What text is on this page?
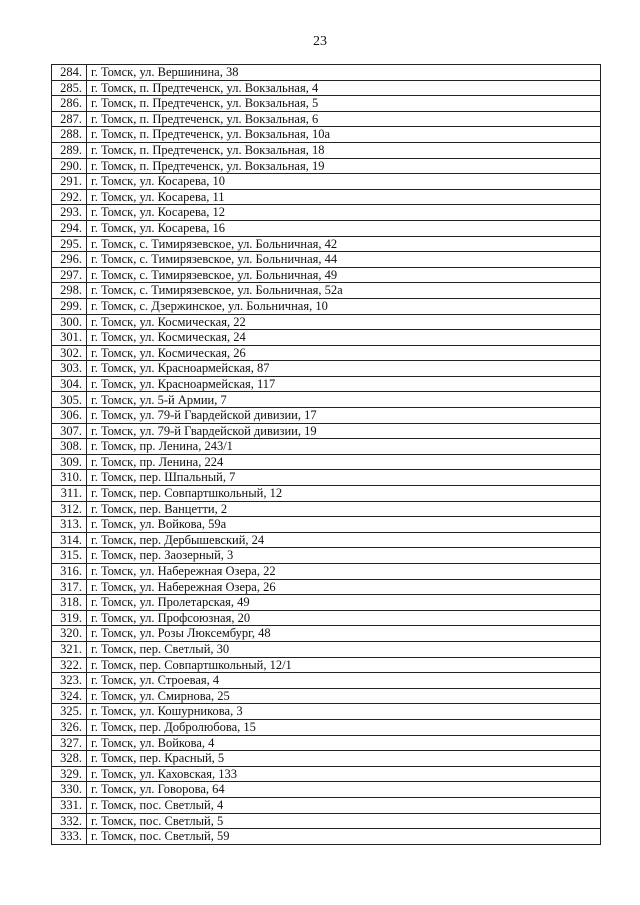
23
284.	г. Томск, ул. Вершинина, 38
285.	г. Томск, п. Предтеченск, ул. Вокзальная, 4
286.	г. Томск, п. Предтеченск, ул. Вокзальная, 5
287.	г. Томск, п. Предтеченск, ул. Вокзальная, 6
288.	г. Томск, п. Предтеченск, ул. Вокзальная, 10а
289.	г. Томск, п. Предтеченск, ул. Вокзальная, 18
290.	г. Томск, п. Предтеченск, ул. Вокзальная, 19
291.	г. Томск, ул. Косарева, 10
292.	г. Томск, ул. Косарева, 11
293.	г. Томск, ул. Косарева, 12
294.	г. Томск, ул. Косарева, 16
295.	г. Томск, с. Тимирязевское, ул. Больничная, 42
296.	г. Томск, с. Тимирязевское, ул. Больничная, 44
297.	г. Томск, с. Тимирязевское, ул. Больничная, 49
298.	г. Томск, с. Тимирязевское, ул. Больничная, 52а
299.	г. Томск, с. Дзержинское, ул. Больничная, 10
300.	г. Томск, ул. Космическая, 22
301.	г. Томск, ул. Космическая, 24
302.	г. Томск, ул. Космическая, 26
303.	г. Томск, ул. Красноармейская, 87
304.	г. Томск, ул. Красноармейская, 117
305.	г. Томск, ул. 5-й Армии, 7
306.	г. Томск, ул. 79-й Гвардейской дивизии, 17
307.	г. Томск, ул. 79-й Гвардейской дивизии, 19
308.	г. Томск, пр. Ленина, 243/1
309.	г. Томск, пр. Ленина, 224
310.	г. Томск, пер. Шпальный, 7
311.	г. Томск, пер. Совпартшкольный, 12
312.	г. Томск, пер. Ванцетти, 2
313.	г. Томск, ул. Войкова, 59а
314.	г. Томск, пер. Дербышевский, 24
315.	г. Томск, пер. Заозерный, 3
316.	г. Томск, ул. Набережная Озера, 22
317.	г. Томск, ул. Набережная Озера, 26
318.	г. Томск, ул. Пролетарская, 49
319.	г. Томск, ул. Профсоюзная, 20
320.	г. Томск, ул. Розы Люксембург, 48
321.	г. Томск, пер. Светлый, 30
322.	г. Томск, пер. Совпартшкольный, 12/1
323.	г. Томск, ул. Строевая, 4
324.	г. Томск, ул. Смирнова, 25
325.	г. Томск, ул. Кошурникова, 3
326.	г. Томск, пер. Добролюбова, 15
327.	г. Томск, ул. Войкова, 4
328.	г. Томск, пер. Красный, 5
329.	г. Томск, ул. Каховская, 133
330.	г. Томск, ул. Говорова, 64
331.	г. Томск, пос. Светлый, 4
332.	г. Томск, пос. Светлый, 5
333.	г. Томск, пос. Светлый, 59
